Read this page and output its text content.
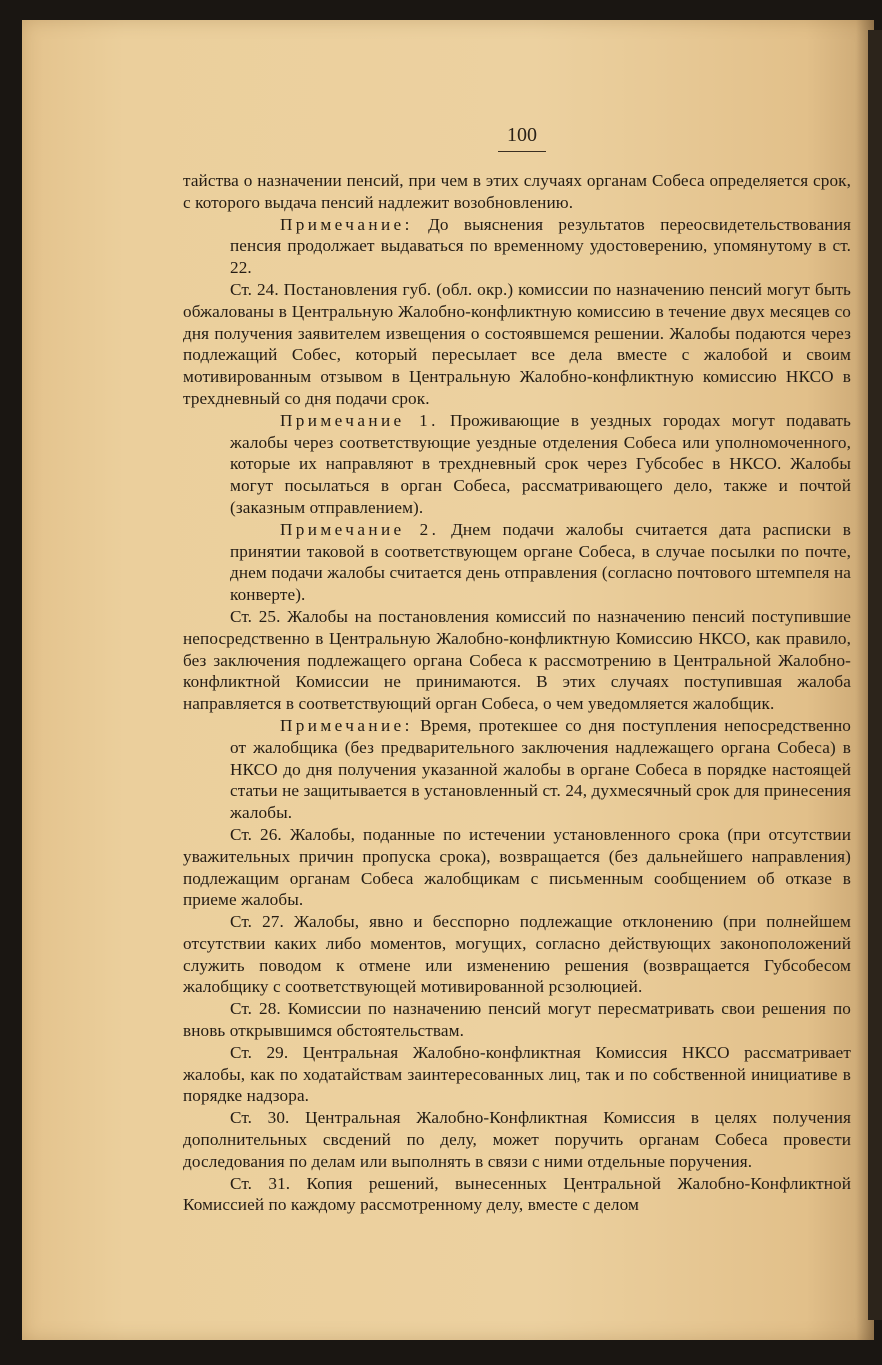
100

тайства о назначении пенсий, при чем в этих случаях органам Собеса определяется срок, с которого выдача пенсий надлежит возобновлению.

Примечание: До выяснения результатов переосвидетельствования пенсия продолжает выдаваться по временному удостоверению, упомянутому в ст. 22.

Ст. 24. Постановления губ. (обл. окр.) комиссии по назначению пенсий могут быть обжалованы в Центральную Жалобно-конфликтную комиссию в течение двух месяцев со дня получения заявителем извещения о состоявшемся решении. Жалобы подаются через подлежащий Собес, который пересылает все дела вместе с жалобой и своим мотивированным отзывом в Центральную Жалобно-конфликтную комиссию НКСО в трехдневный со дня подачи срок.

Примечание 1. Проживающие в уездных городах могут подавать жалобы через соответствующие уездные отделения Собеса или уполномоченного, которые их направляют в трехдневный срок через Губсобес в НКСО. Жалобы могут посылаться в орган Собеса, рассматривающего дело, также и почтой (заказным отправлением).

Примечание 2. Днем подачи жалобы считается дата расписки в принятии таковой в соответствующем органе Собеса, в случае посылки по почте, днем подачи жалобы считается день отправления (согласно почтового штемпеля на конверте).

Ст. 25. Жалобы на постановления комиссий по назначению пенсий поступившие непосредственно в Центральную Жалобно-конфликтную Комиссию НКСО, как правило, без заключения подлежащего органа Собеса к рассмотрению в Центральной Жалобно-конфликтной Комиссии не принимаются. В этих случаях поступившая жалоба направляется в соответствующий орган Собеса, о чем уведомляется жалобщик.

Примечание: Время, протекшее со дня поступления непосредственно от жалобщика (без предварительного заключения надлежащего органа Собеса) в НКСО до дня получения указанной жалобы в органе Собеса в порядке настоящей статьи не защитывается в установленный ст. 24, духмесячный срок для принесения жалобы.

Ст. 26. Жалобы, поданные по истечении установленного срока (при отсутствии уважительных причин пропуска срока), возвращается (без дальнейшего направления) подлежащим органам Собеса жалобщикам с письменным сообщением об отказе в приеме жалобы.

Ст. 27. Жалобы, явно и бесспорно подлежащие отклонению (при полнейшем отсутствии каких либо моментов, могущих, согласно действующих законоположений служить поводом к отмене или изменению решения (возвращается Губсобесом жалобщику с соответствующей мотивированной рсзолюцией.

Ст. 28. Комиссии по назначению пенсий могут пересматривать свои решения по вновь открывшимся обстоятельствам.

Ст. 29. Центральная Жалобно-конфликтная Комиссия НКСО рассматривает жалобы, как по ходатайствам заинтересованных лиц, так и по собственной инициативе в порядке надзора.

Ст. 30. Центральная Жалобно-Конфликтная Комиссия в целях получения дополнительных свсдений по делу, может поручить органам Собеса провести доследования по делам или выполнять в связи с ними отдельные поручения.

Ст. 31. Копия решений, вынесенных Центральной Жалобно-Конфликтной Комиссией по каждому рассмотренному делу, вместе с делом
